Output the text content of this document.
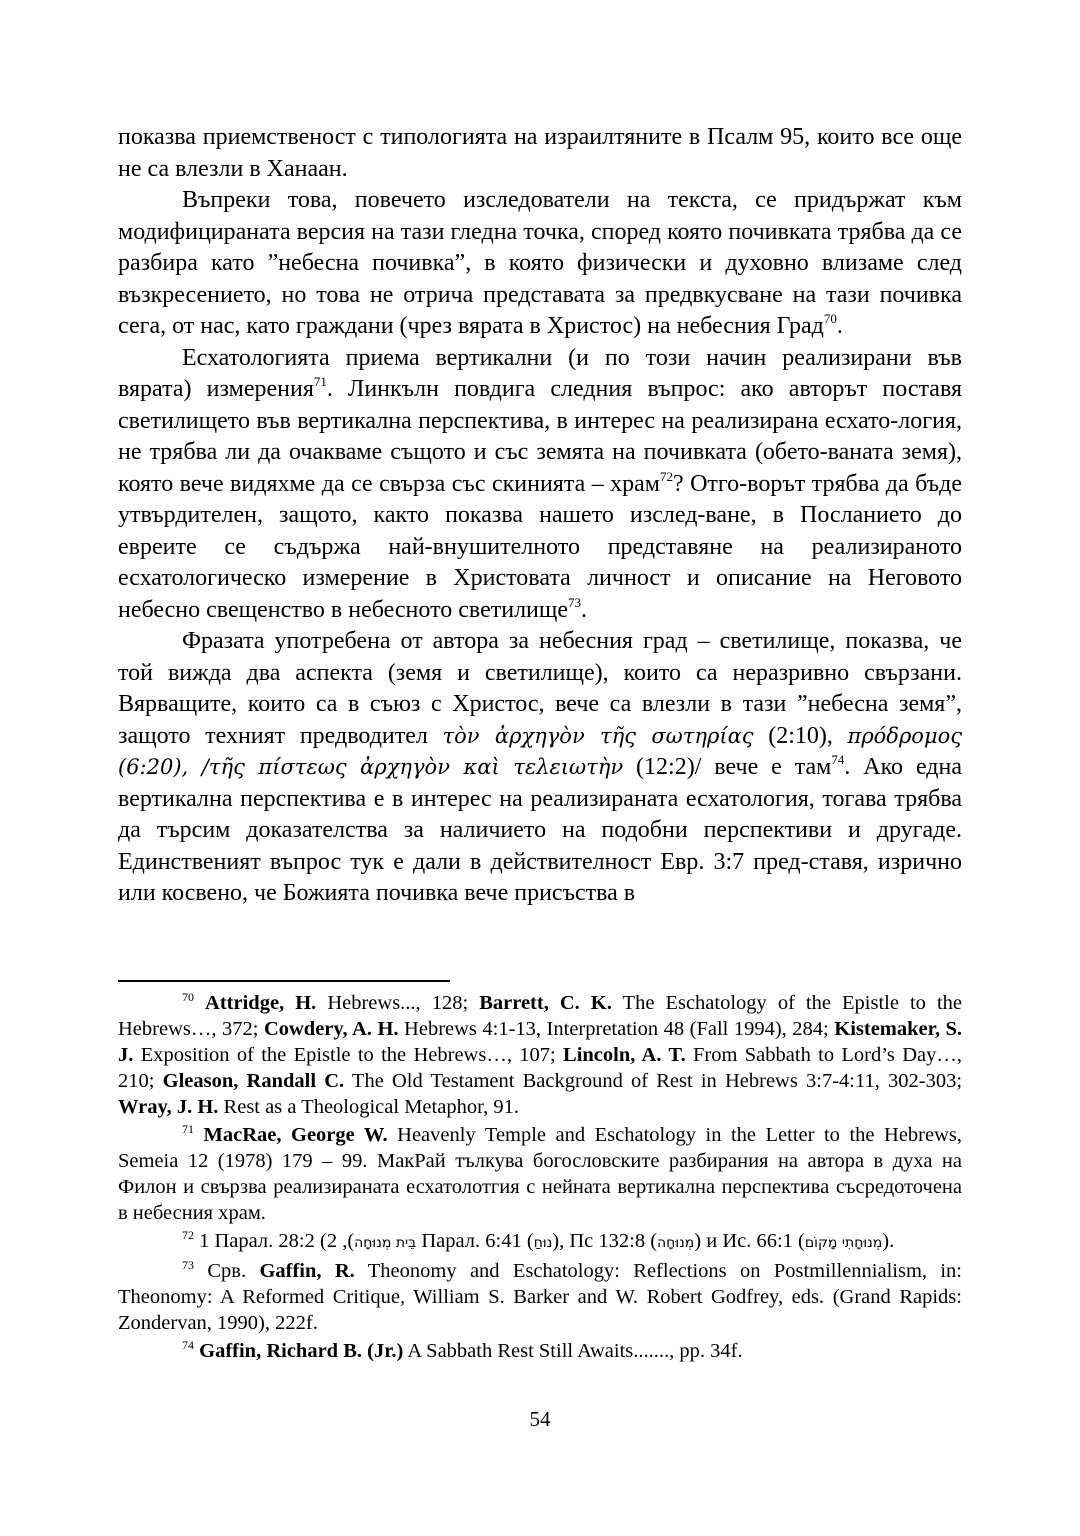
показва приемственост с типологията на израилтяните в Псалм 95, които все още не са влезли в Ханаан.

Въпреки това, повечето изследователи на текста, се придържат към модифицираната версия на тази гледна точка, според която почивката трябва да се разбира като ”небесна почивка”, в която физически и духовно влизаме след възкресението, но това не отрича представата за предвкусване на тази почивка сега, от нас, като граждани (чрез вярата в Христос) на небесния Град$^{70}$.

Есхатологията приема вертикални (и по този начин реализирани във вярата) измерения$^{71}$. Линкълн повдига следния въпрос: ако авторът поставя светилището във вертикална перспектива, в интерес на реализирана есхато-логия, не трябва ли да очакваме същото и със земята на почивката (обето-ваната земя), която вече видяхме да се свърза със скинията – храм$^{72}$? Отго-ворът трябва да бъде утвърдителен, защото, както показва нашето изслед-ване, в Посланието до евреите се съдържа най-внушителното представяне на реализираното есхатологическо измерение в Христовата личност и описание на Неговото небесно свещенство в небесното светилище$^{73}$.

Фразата употребена от автора за небесния град – светилище, показва, че той вижда два аспекта (земя и светилище), които са неразривно свързани. Вярващите, които са в съюз с Христос, вече са влезли в тази ”небесна земя”, защото техният предводител τὸν ἀρχηγὸν τῆς σωτηρίας (2:10), πρόδρομος (6:20), /τῆς πίστεως ἀρχηγὸν καὶ τελειωτὴν (12:2)/ вече е там$^{74}$. Ако една вертикална перспектива е в интерес на реализираната есхатология, тогава трябва да търсим доказателства за наличието на подобни перспективи и другаде. Единственият въпрос тук е дали в действителност Евр. 3:7 пред-ставя, изрично или косвено, че Божията почивка вече присъства в

$^{70}$ Attridge, H. Hebrews..., 128; Barrett, C. K. The Eschatology of the Epistle to the Hebrews…, 372; Cowdery, A. H. Hebrews 4:1-13, Interpretation 48 (Fall 1994), 284; Kistemaker, S. J. Exposition of the Epistle to the Hebrews…, 107; Lincoln, A. T. From Sabbath to Lord’s Day…, 210; Gleason, Randall C. The Old Testament Background of Rest in Hebrews 3:7-4:11, 302-303; Wray, J. H. Rest as a Theological Metaphor, 91.

$^{71}$ MacRae, George W. Heavenly Temple and Eschatology in the Letter to the Hebrews, Semeia 12 (1978) 179 – 99. МакРай тълкува богословските разбирания на автора в духа на Филон и свързва реализираната есхатолотгия с нейната вертикална перспектива съсредоточена в небесния храм.

$^{72}$ 1 Парал. 28:2 ( בֵּית מְנוּחָה), 2 Парал. 6:41 (נוּחַ), Пс 132:8 (מְנוּחָה) и Ис. 66:1 (מְנוּחָתִי מָקוֹם).

$^{73}$ Срв. Gaffin, R. Theonomy and Eschatology: Reflections on Postmillennialism, in: Theonomy: A Reformed Critique, William S. Barker and W. Robert Godfrey, eds. (Grand Rapids: Zondervan, 1990), 222f.

$^{74}$ Gaffin, Richard B. (Jr.) A Sabbath Rest Still Awaits......., pp. 34f.

54
